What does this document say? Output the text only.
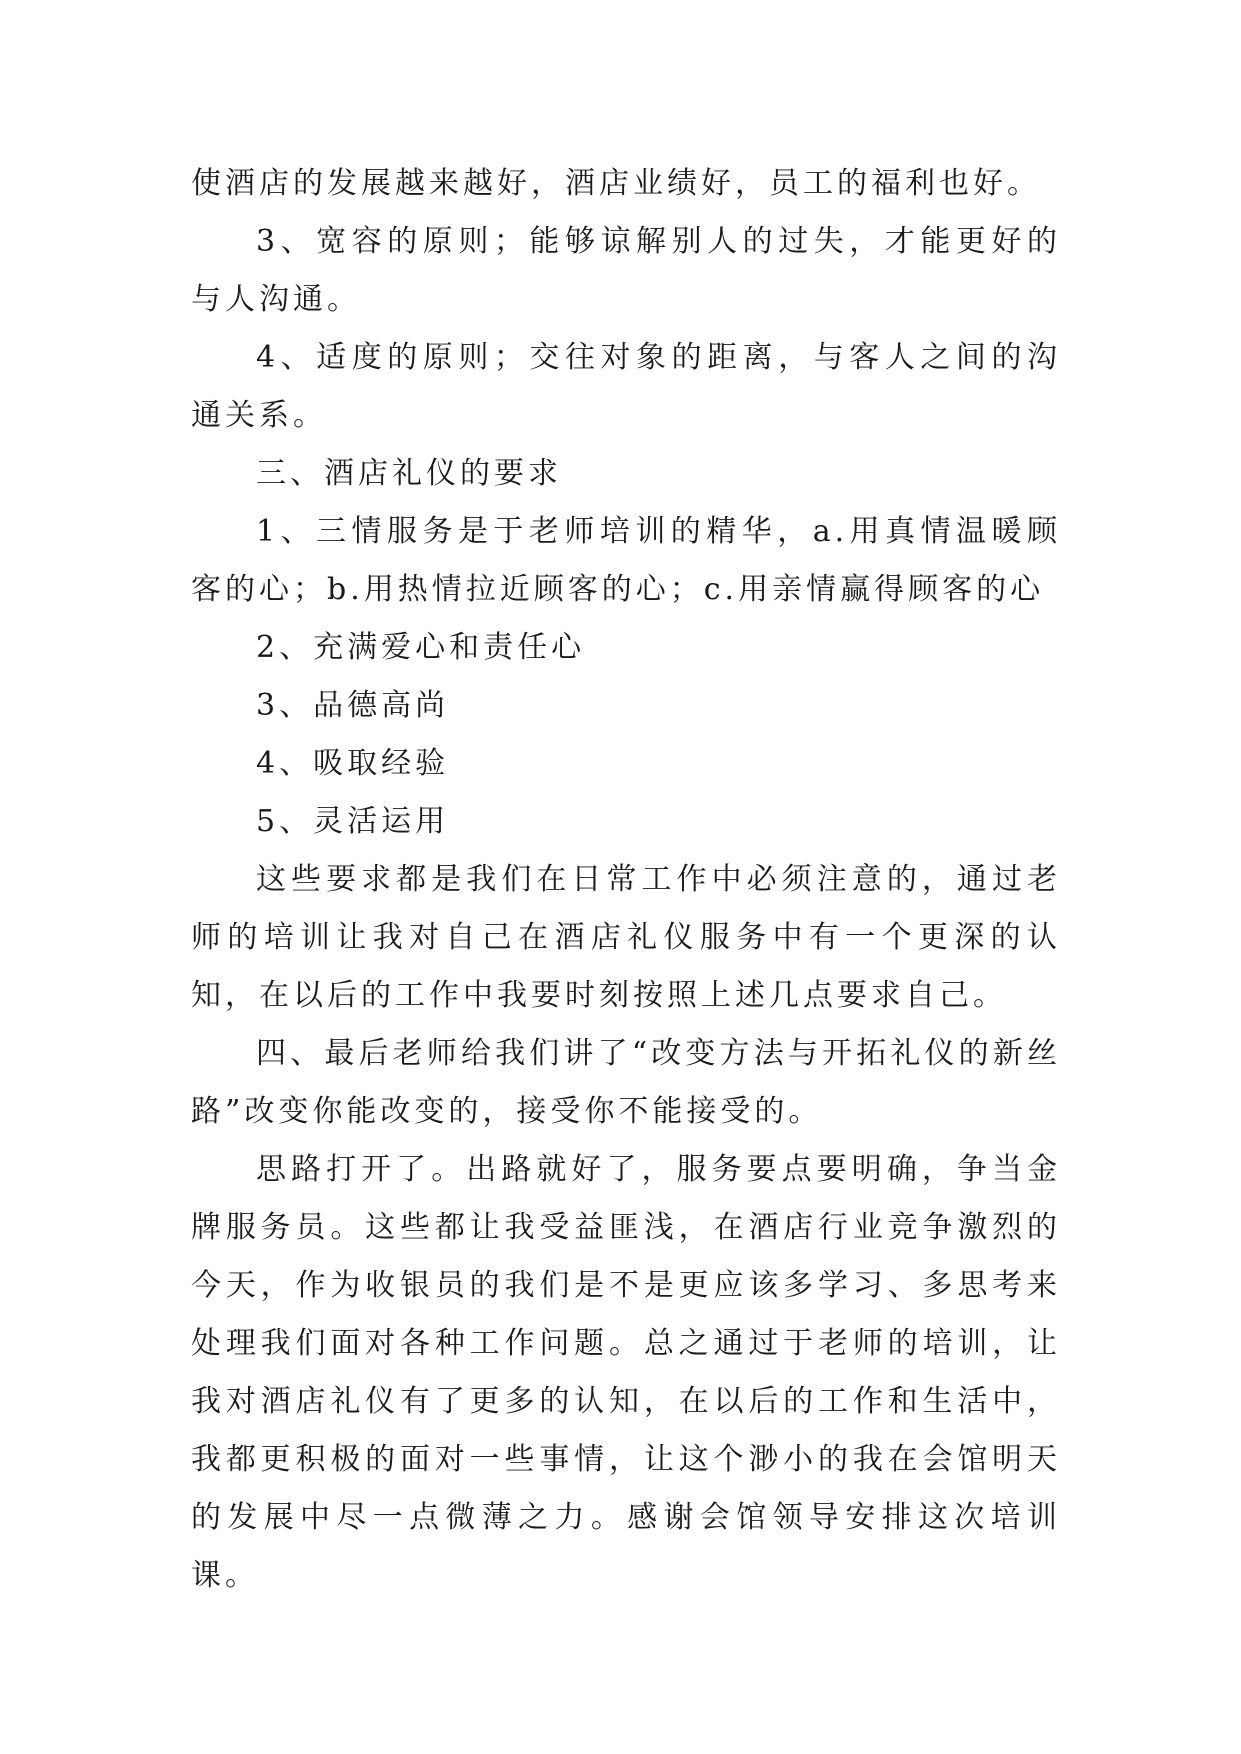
使酒店的发展越来越好，酒店业绩好，员工的福利也好。

3、宽容的原则；能够谅解别人的过失，才能更好的与人沟通。

4、适度的原则；交往对象的距离，与客人之间的沟通关系。

三、酒店礼仪的要求

1、三情服务是于老师培训的精华，a.用真情温暖顾客的心；b.用热情拉近顾客的心；c.用亲情赢得顾客的心

2、充满爱心和责任心

3、品德高尚

4、吸取经验

5、灵活运用

这些要求都是我们在日常工作中必须注意的，通过老师的培训让我对自己在酒店礼仪服务中有一个更深的认知，在以后的工作中我要时刻按照上述几点要求自己。

四、最后老师给我们讲了“改变方法与开拓礼仪的新丝路”改变你能改变的，接受你不能接受的。

思路打开了。出路就好了，服务要点要明确，争当金牌服务员。这些都让我受益匪浅，在酒店行业竞争激烈的今天，作为收银员的我们是不是更应该多学习、多思考来处理我们面对各种工作问题。总之通过于老师的培训，让我对酒店礼仪有了更多的认知，在以后的工作和生活中，我都更积极的面对一些事情，让这个渺小的我在会馆明天的发展中尽一点微薄之力。感谢会馆领导安排这次培训课。
